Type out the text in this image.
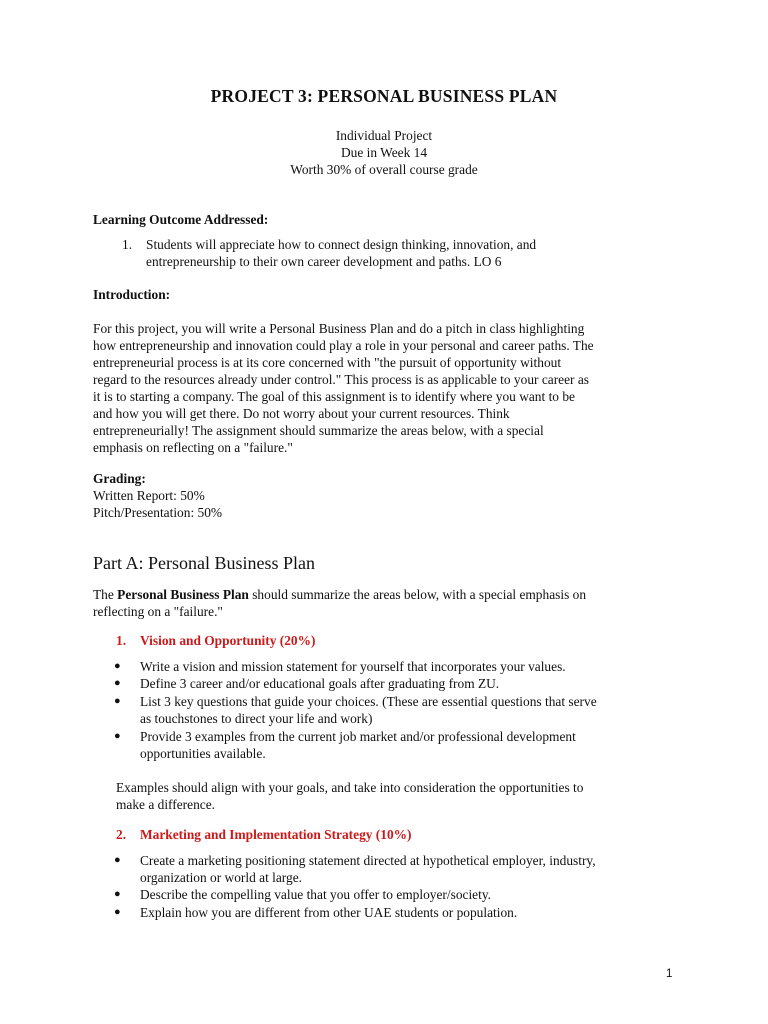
PROJECT 3: PERSONAL BUSINESS PLAN
Individual Project
Due in Week 14
Worth 30% of overall course grade
Learning Outcome Addressed:
1. Students will appreciate how to connect design thinking, innovation, and
entrepreneurship to their own career development and paths. LO 6
Introduction:
For this project, you will write a Personal Business Plan and do a pitch in class highlighting
how entrepreneurship and innovation could play a role in your personal and career paths. The
entrepreneurial process is at its core concerned with "the pursuit of opportunity without
regard to the resources already under control." This process is as applicable to your career as
it is to starting a company. The goal of this assignment is to identify where you want to be
and how you will get there. Do not worry about your current resources. Think
entrepreneurially! The assignment should summarize the areas below, with a special
emphasis on reflecting on a "failure."
Grading:
Written Report: 50%
Pitch/Presentation: 50%
Part A: Personal Business Plan
The Personal Business Plan should summarize the areas below, with a special emphasis on
reflecting on a "failure."
1. Vision and Opportunity (20%)
● Write a vision and mission statement for yourself that incorporates your values.
● Define 3 career and/or educational goals after graduating from ZU.
● List 3 key questions that guide your choices. (These are essential questions that serve
as touchstones to direct your life and work)
● Provide 3 examples from the current job market and/or professional development
opportunities available.
Examples should align with your goals, and take into consideration the opportunities to
make a difference.
2. Marketing and Implementation Strategy (10%)
● Create a marketing positioning statement directed at hypothetical employer, industry,
organization or world at large.
● Describe the compelling value that you offer to employer/society.
● Explain how you are different from other UAE students or population.
1
